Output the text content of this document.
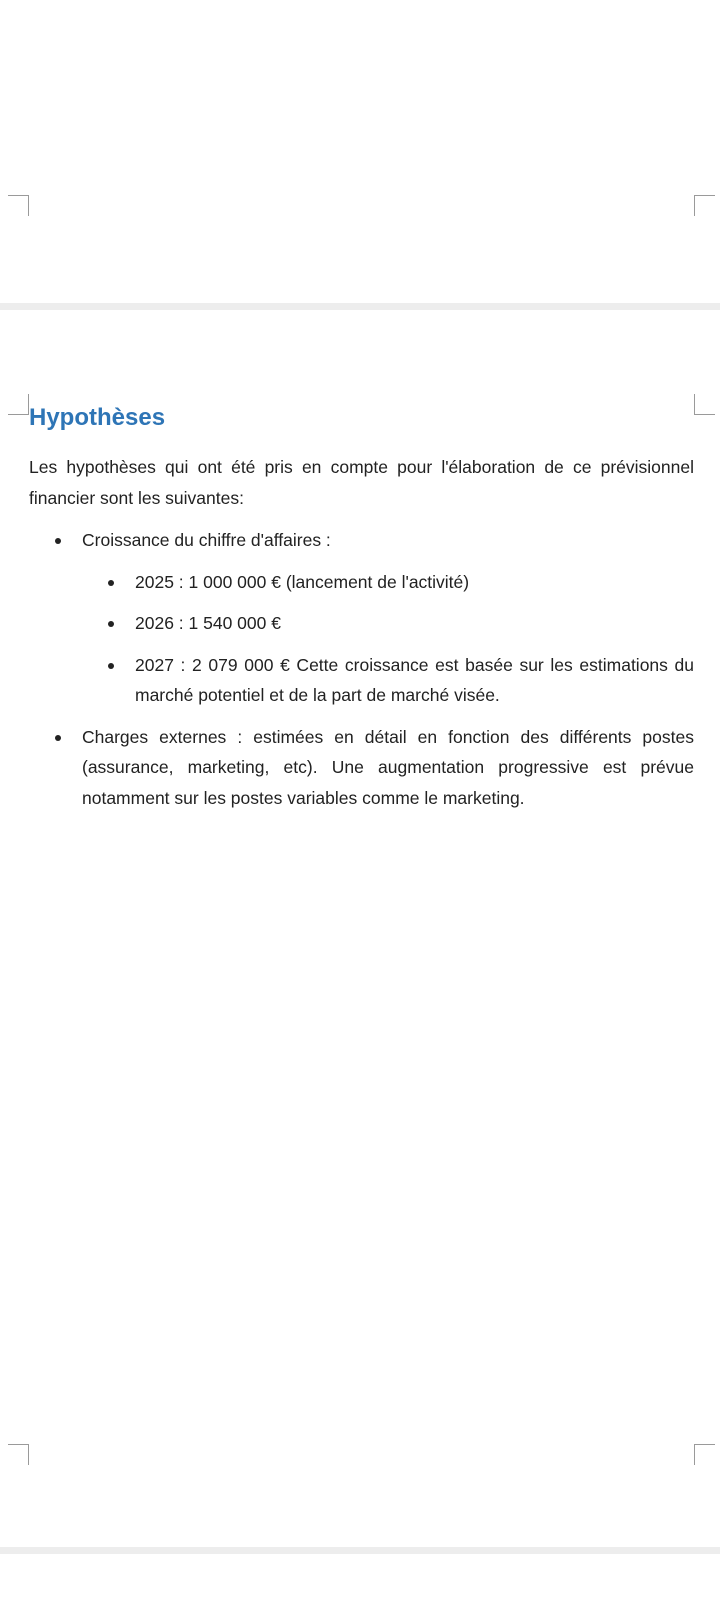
Hypothèses

Les hypothèses qui ont été pris en compte pour l'élaboration de ce prévisionnel financier sont les suivantes:

Croissance du chiffre d'affaires :
2025 : 1 000 000 € (lancement de l'activité)
2026 : 1 540 000 €
2027 : 2 079 000 € Cette croissance est basée sur les estimations du marché potentiel et de la part de marché visée.
Charges externes : estimées en détail en fonction des différents postes (assurance, marketing, etc). Une augmentation progressive est prévue notamment sur les postes variables comme le marketing.
